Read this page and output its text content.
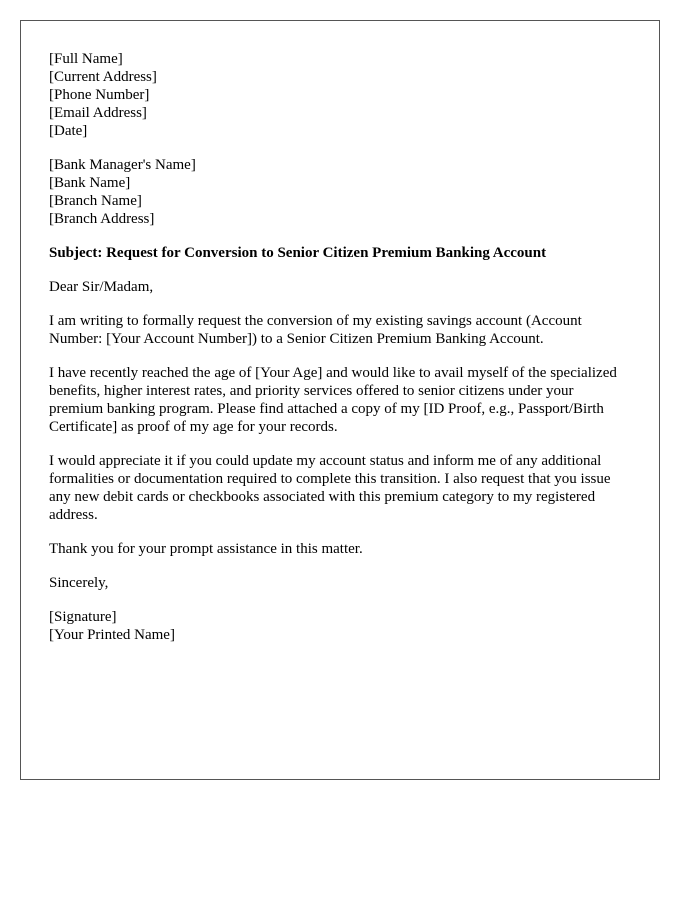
[Full Name]
[Current Address]
[Phone Number]
[Email Address]
[Date]
[Bank Manager's Name]
[Bank Name]
[Branch Name]
[Branch Address]

Subject: Request for Conversion to Senior Citizen Premium Banking Account

Dear Sir/Madam,

I am writing to formally request the conversion of my existing savings account (Account Number: [Your Account Number]) to a Senior Citizen Premium Banking Account.

I have recently reached the age of [Your Age] and would like to avail myself of the specialized benefits, higher interest rates, and priority services offered to senior citizens under your premium banking program. Please find attached a copy of my [ID Proof, e.g., Passport/Birth Certificate] as proof of my age for your records.

I would appreciate it if you could update my account status and inform me of any additional formalities or documentation required to complete this transition. I also request that you issue any new debit cards or checkbooks associated with this premium category to my registered address.

Thank you for your prompt assistance in this matter.

Sincerely,

[Signature]
[Your Printed Name]
